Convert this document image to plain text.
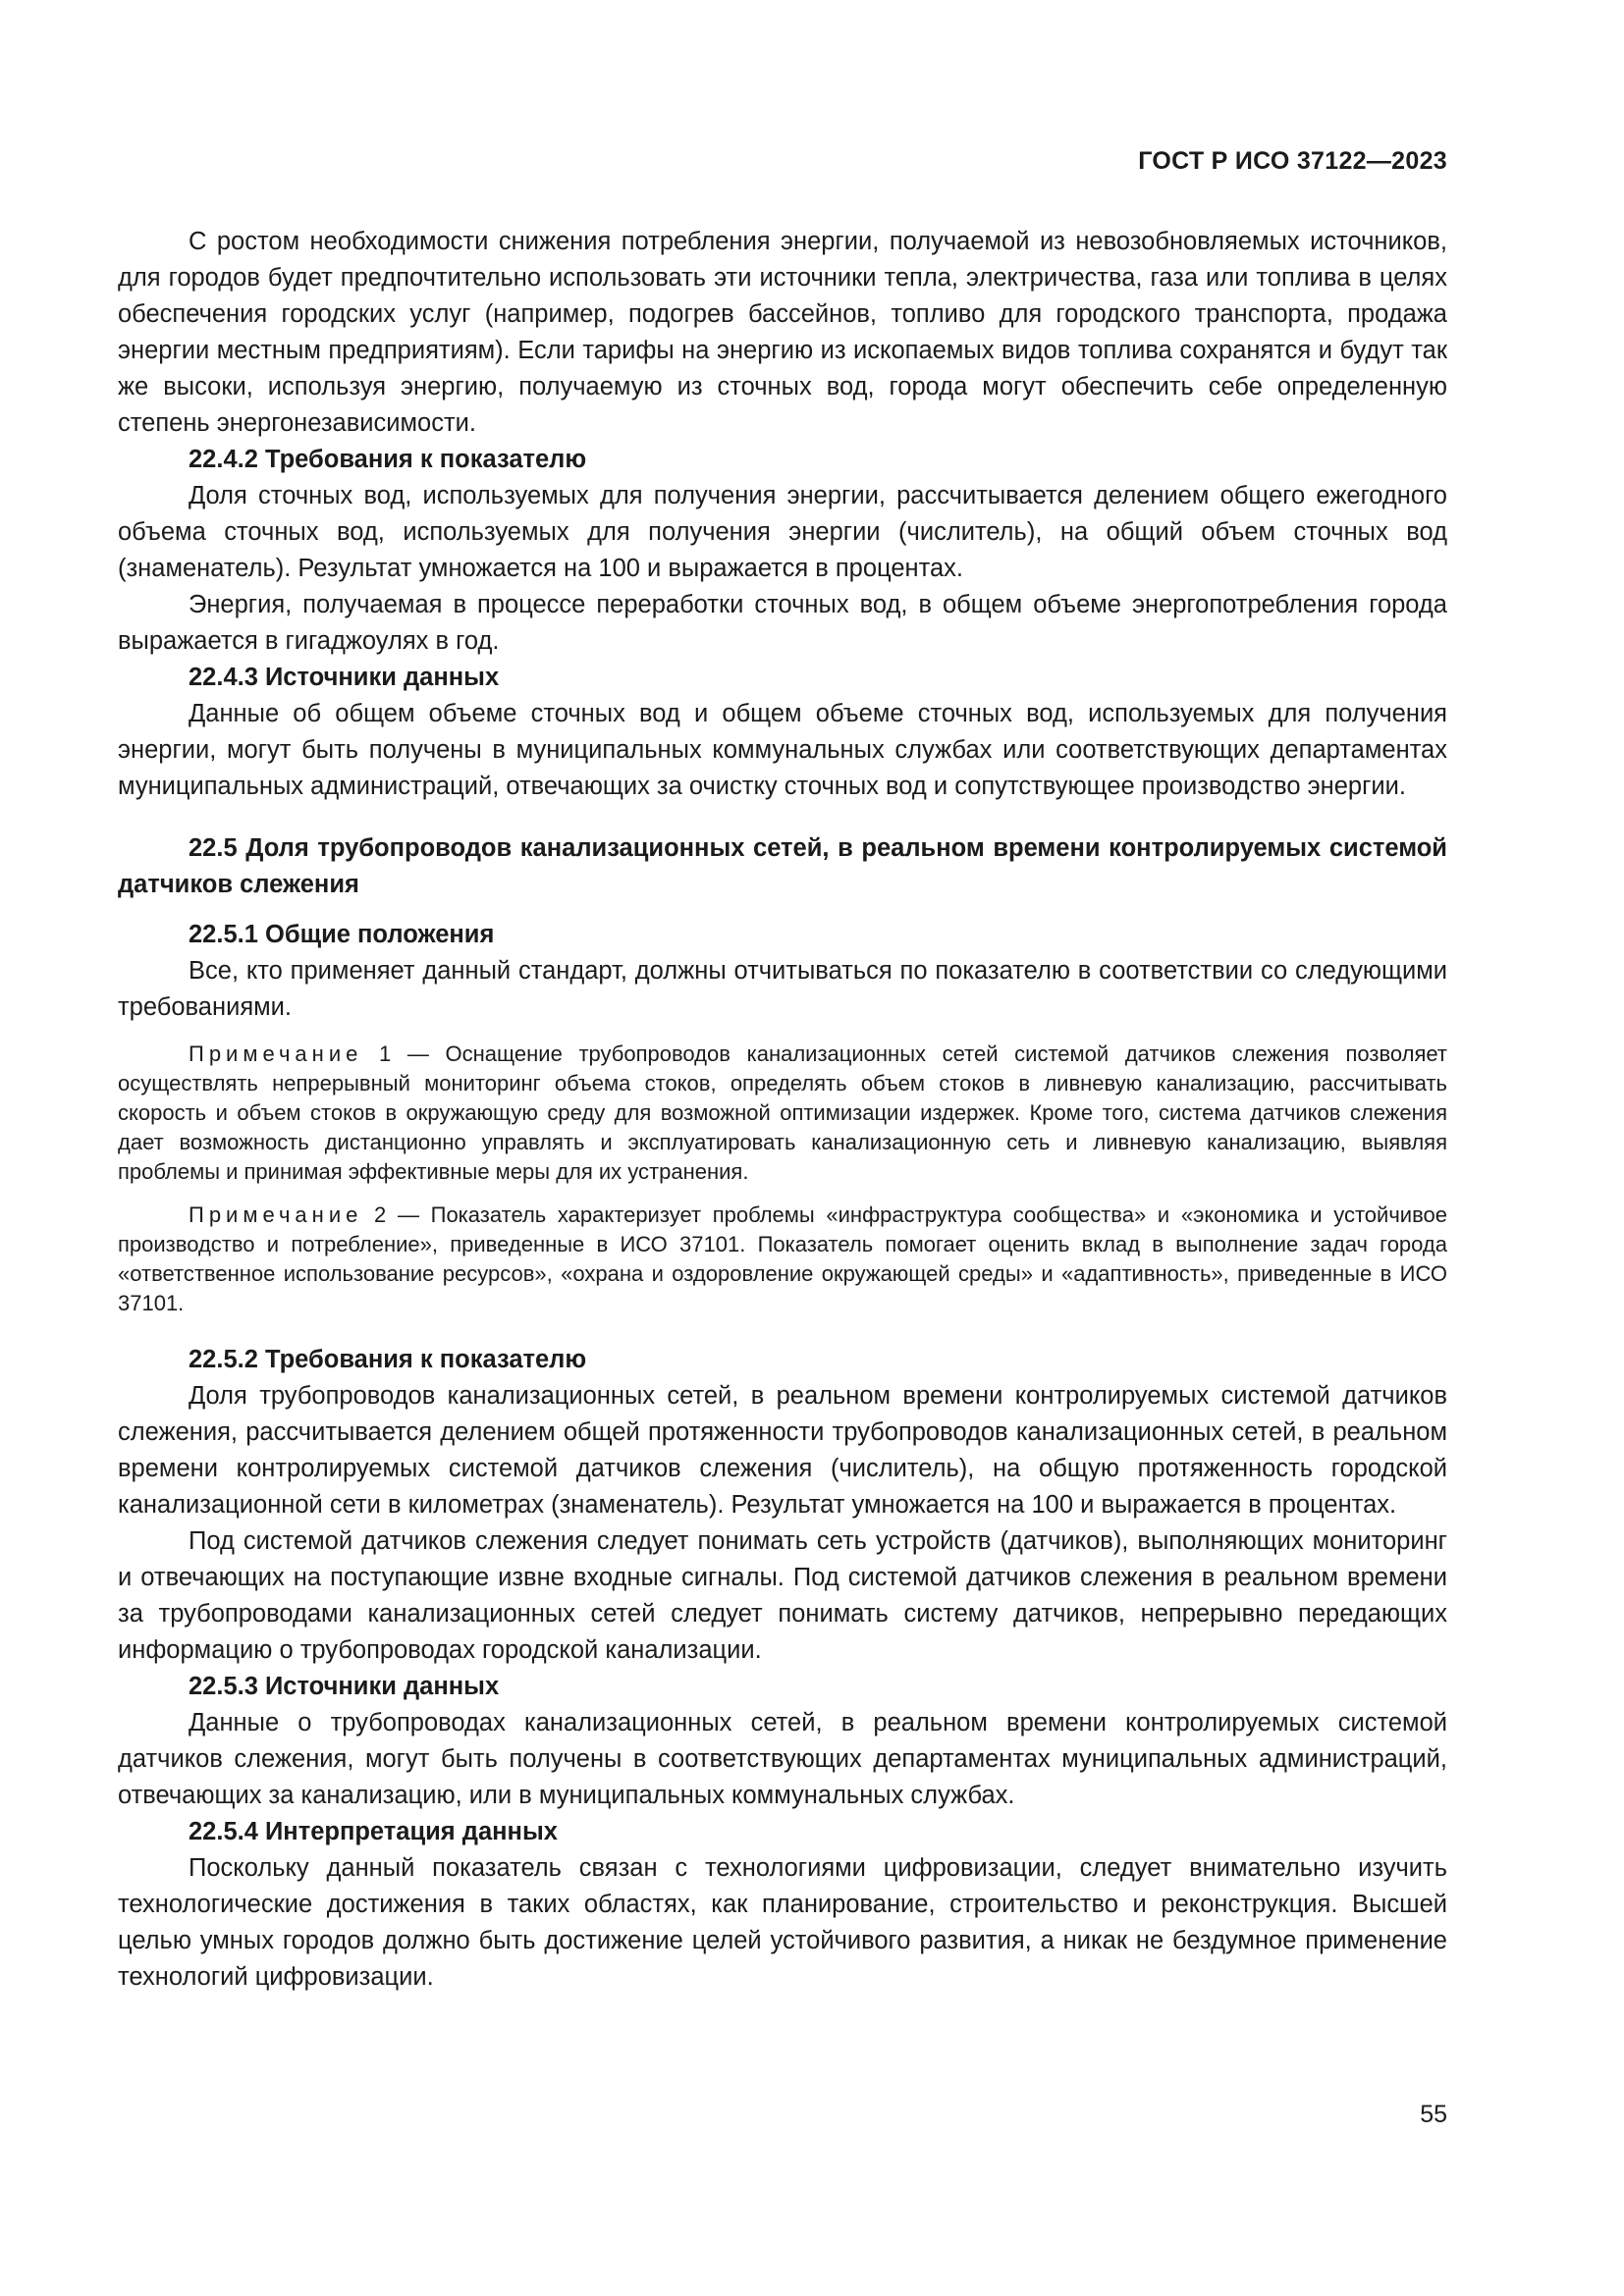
ГОСТ Р ИСО 37122—2023

С ростом необходимости снижения потребления энергии, получаемой из невозобновляемых источников, для городов будет предпочтительно использовать эти источники тепла, электричества, газа или топлива в целях обеспечения городских услуг (например, подогрев бассейнов, топливо для городского транспорта, продажа энергии местным предприятиям). Если тарифы на энергию из ископаемых видов топлива сохранятся и будут так же высоки, используя энергию, получаемую из сточных вод, города могут обеспечить себе определенную степень энергонезависимости.

22.4.2 Требования к показателю

Доля сточных вод, используемых для получения энергии, рассчитывается делением общего ежегодного объема сточных вод, используемых для получения энергии (числитель), на общий объем сточных вод (знаменатель). Результат умножается на 100 и выражается в процентах.

Энергия, получаемая в процессе переработки сточных вод, в общем объеме энергопотребления города выражается в гигаджоулях в год.

22.4.3 Источники данных

Данные об общем объеме сточных вод и общем объеме сточных вод, используемых для получения энергии, могут быть получены в муниципальных коммунальных службах или соответствующих департаментах муниципальных администраций, отвечающих за очистку сточных вод и сопутствующее производство энергии.

22.5 Доля трубопроводов канализационных сетей, в реальном времени контролируемых системой датчиков слежения

22.5.1 Общие положения

Все, кто применяет данный стандарт, должны отчитываться по показателю в соответствии со следующими требованиями.

Примечание 1 — Оснащение трубопроводов канализационных сетей системой датчиков слежения позволяет осуществлять непрерывный мониторинг объема стоков, определять объем стоков в ливневую канализацию, рассчитывать скорость и объем стоков в окружающую среду для возможной оптимизации издержек. Кроме того, система датчиков слежения дает возможность дистанционно управлять и эксплуатировать канализационную сеть и ливневую канализацию, выявляя проблемы и принимая эффективные меры для их устранения.

Примечание 2 — Показатель характеризует проблемы «инфраструктура сообщества» и «экономика и устойчивое производство и потребление», приведенные в ИСО 37101. Показатель помогает оценить вклад в выполнение задач города «ответственное использование ресурсов», «охрана и оздоровление окружающей среды» и «адаптивность», приведенные в ИСО 37101.

22.5.2 Требования к показателю

Доля трубопроводов канализационных сетей, в реальном времени контролируемых системой датчиков слежения, рассчитывается делением общей протяженности трубопроводов канализационных сетей, в реальном времени контролируемых системой датчиков слежения (числитель), на общую протяженность городской канализационной сети в километрах (знаменатель). Результат умножается на 100 и выражается в процентах.

Под системой датчиков слежения следует понимать сеть устройств (датчиков), выполняющих мониторинг и отвечающих на поступающие извне входные сигналы. Под системой датчиков слежения в реальном времени за трубопроводами канализационных сетей следует понимать систему датчиков, непрерывно передающих информацию о трубопроводах городской канализации.

22.5.3 Источники данных

Данные о трубопроводах канализационных сетей, в реальном времени контролируемых системой датчиков слежения, могут быть получены в соответствующих департаментах муниципальных администраций, отвечающих за канализацию, или в муниципальных коммунальных службах.

22.5.4 Интерпретация данных

Поскольку данный показатель связан с технологиями цифровизации, следует внимательно изучить технологические достижения в таких областях, как планирование, строительство и реконструкция. Высшей целью умных городов должно быть достижение целей устойчивого развития, а никак не бездумное применение технологий цифровизации.

55
